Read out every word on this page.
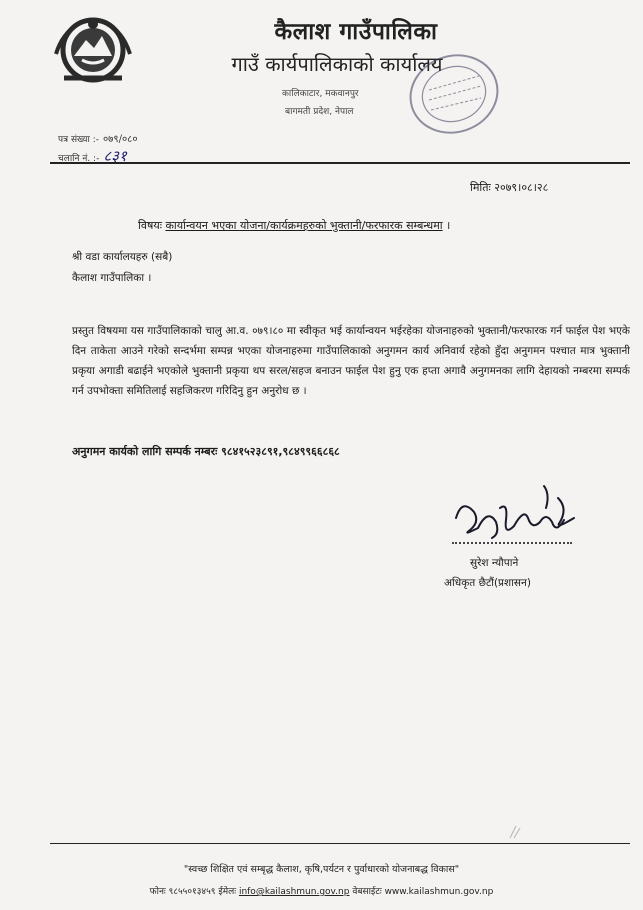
कैलाश गाउँपालिका
गाउँ कार्यपालिकाको कार्यालय
कालिकाटार, मकवानपुर
बागमती प्रदेश, नेपाल
पत्र संख्या :- ०७९/०८०
चलानि नं. :- ८३१
मितिः २०७९।०८।२८
विषयः कार्यान्वयन भएका योजना/कार्यक्रमहरुको भुक्तानी/फरफारक सम्बन्धमा ।
श्री वडा कार्यालयहरु (सबै)
कैलाश गाउँपालिका ।
प्रस्तुत विषयमा यस गाउँपालिकाको चालु आ.व. ०७९।८० मा स्वीकृत भई कार्यान्वयन भईरहेका योजनाहरुको भुक्तानी/फरफारक गर्न फाईल पेश भएके दिन ताकेता आउने गरेको सन्दर्भमा सम्पन्न भएका योजनाहरुमा गाउँपालिकाको अनुगमन कार्य अनिवार्य रहेको हुँदा अनुगमन पश्चात मात्र भुक्तानी प्रकृया अगाडी बढाईने भएकोले भुक्तानी प्रकृया थप सरल/सहज बनाउन फाईल पेश हुनु एक हप्ता अगावै अनुगमनका लागि देहायको नम्बरमा सम्पर्क गर्न उपभोक्ता समितिलाई सहजिकरण गरिदिनु हुन अनुरोध छ ।
अनुगमन कार्यको लागि सम्पर्क नम्बरः ९८४१५२३८९१,९८४९९६६८६८
सुरेश न्यौपाने
अधिकृत छैटौं(प्रशासन)
"स्वच्छ शिक्षित एवं सम्बृद्ध कैलाश, कृषि,पर्यटन र पुर्वाधारको योजनाबद्ध विकास"
फोनः ९८५५०१३४५९ ईमेलः info@kailashmun.gov.np वेबसाईटः www.kailashmun.gov.np
